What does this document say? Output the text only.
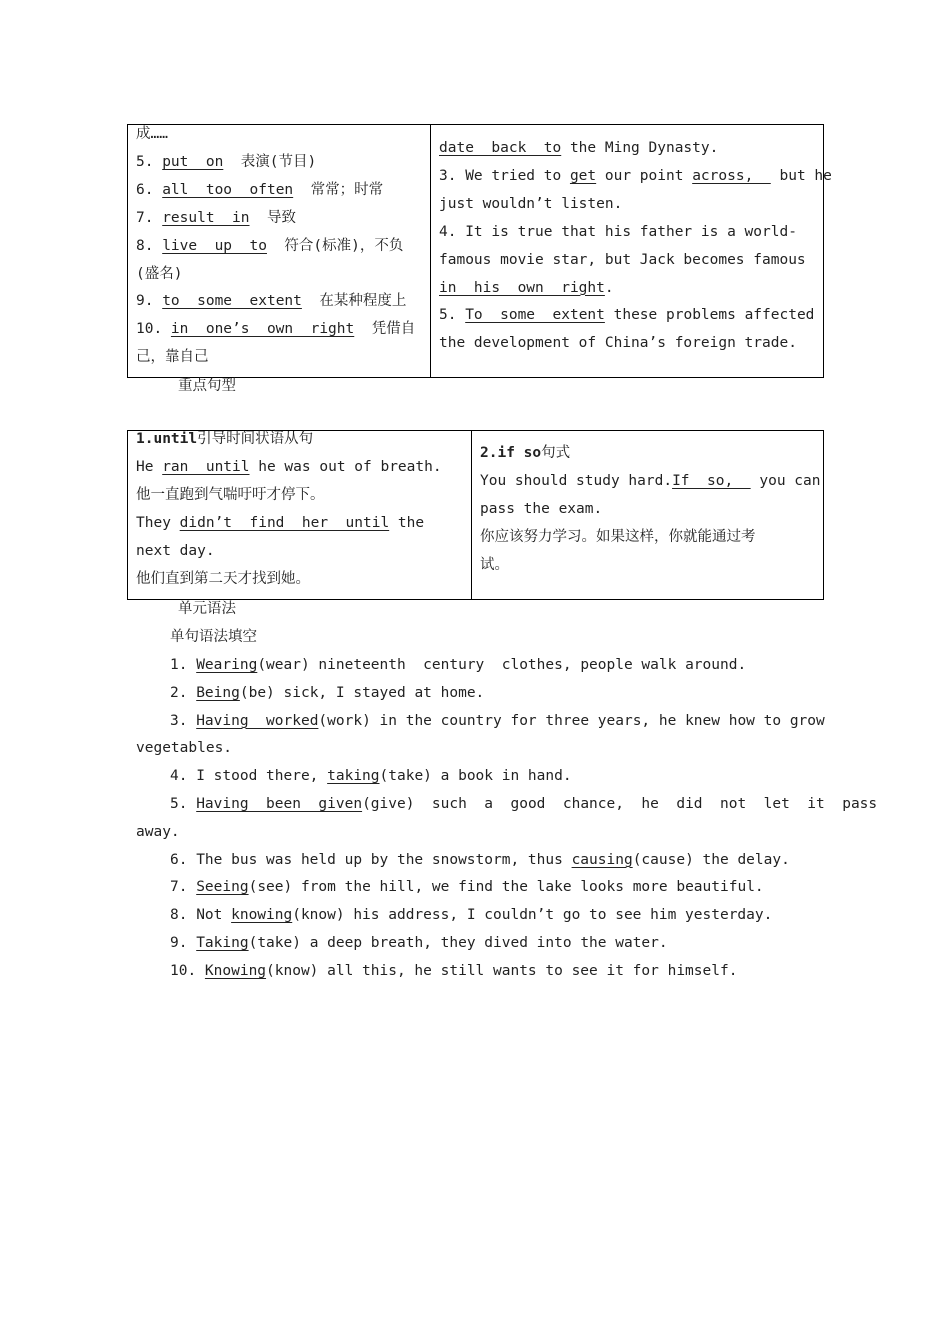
成……
5. put  on  表演(节目)
6. all  too  often  常常；时常
7. result  in  导致
8. live  up  to  符合(标准)，不负
(盛名)
9. to  some  extent  在某种程度上
10. in  one’s  own  right  凭借自
己，靠自己
date  back  to the Ming Dynasty.
3. We tried to get our point across,   but he
just wouldn’t listen.
4. It is true that his father is a world-
famous movie star, but Jack becomes famous
in  his  own  right.
5. To  some  extent these problems affected
the development of China’s foreign trade.
重点句型
1.until引导时间状语从句
He ran  until he was out of breath.
他一直跑到气喘吁吁才停下。
They didn’t  find  her  until the
next day.
他们直到第二天才找到她。
2.if so句式
You should study hard.If  so,   you can
pass the exam.
你应该努力学习。如果这样，你就能通过考
试。
单元语法
单句语法填空
1. Wearing(wear) nineteenth  century  clothes, people walk around.
2. Being(be) sick, I stayed at home.
3. Having  worked(work) in the country for three years, he knew how to grow
vegetables.
4. I stood there, taking(take) a book in hand.
5. Having  been  given(give)  such  a  good  chance,  he  did  not  let  it  pass
away.
6. The bus was held up by the snowstorm, thus causing(cause) the delay.
7. Seeing(see) from the hill, we find the lake looks more beautiful.
8. Not knowing(know) his address, I couldn’t go to see him yesterday.
9. Taking(take) a deep breath, they dived into the water.
10. Knowing(know) all this, he still wants to see it for himself.
